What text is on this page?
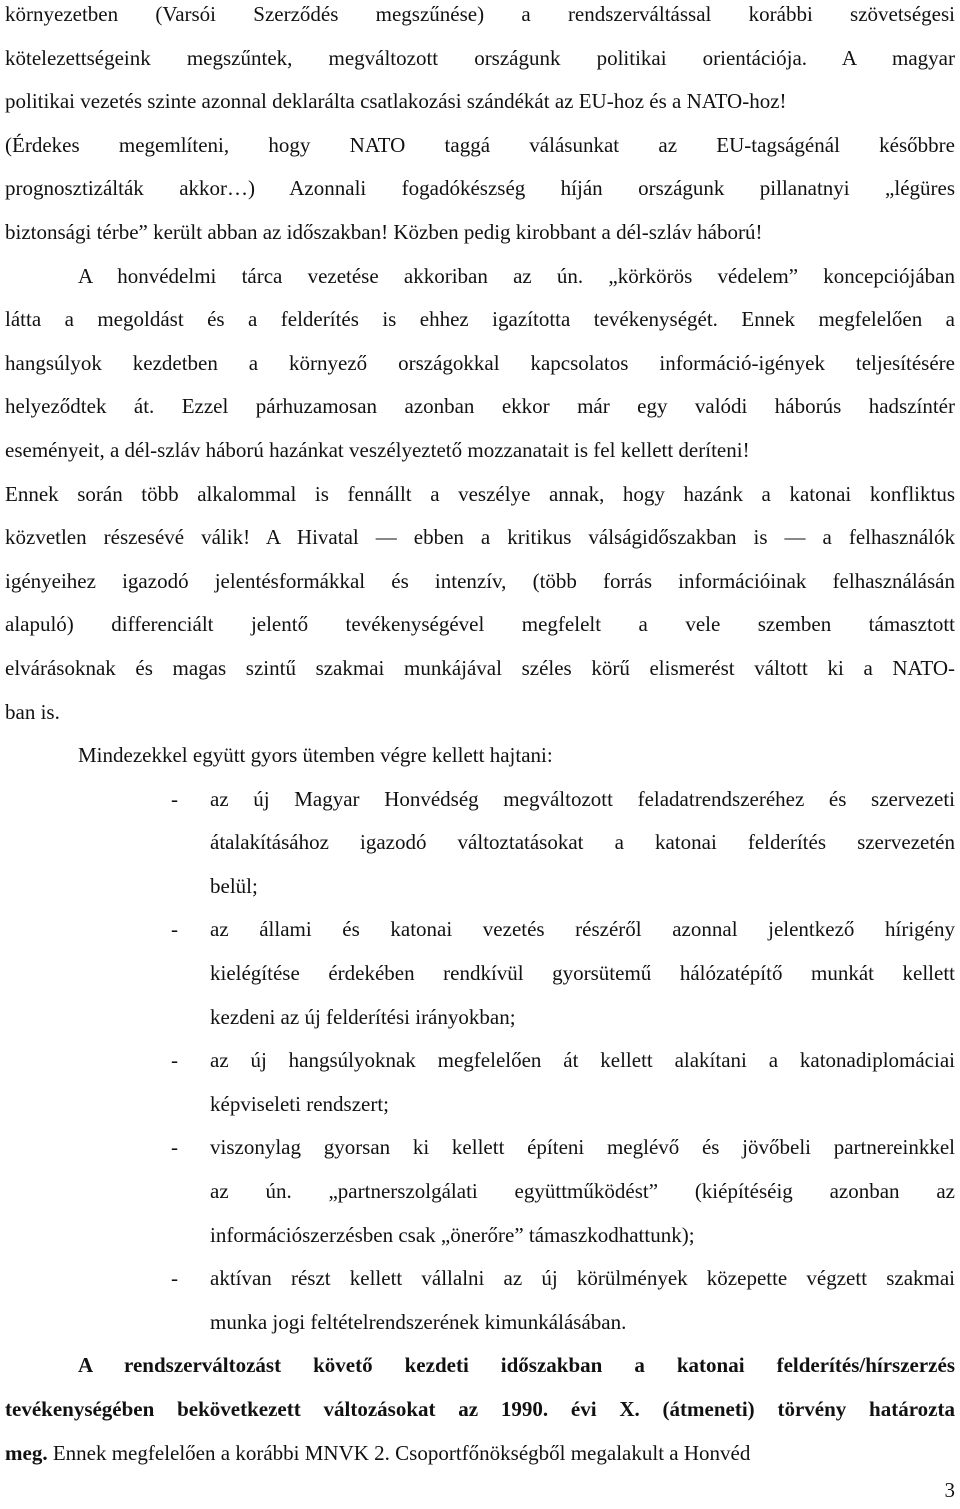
környezetben (Varsói Szerződés megszűnése) a rendszerváltással korábbi szövetségesi
kötelezettségeink megszűntek, megváltozott országunk politikai orientációja. A magyar
politikai vezetés szinte azonnal deklarálta csatlakozási szándékát az EU-hoz és a NATO-hoz!
(Érdekes megemlíteni, hogy NATO taggá válásunkat az EU-tagságénál későbbre
prognosztizálták akkor…) Azonnali fogadókészség híján országunk pillanatnyi „légüres
biztonsági térbe” került abban az időszakban! Közben pedig kirobbant a dél-szláv háború!
A honvédelmi tárca vezetése akkoriban az ún. „körkörös védelem” koncepciójában
látta a megoldást és a felderítés is ehhez igazította tevékenységét. Ennek megfelelően a
hangsúlyok kezdetben a környező országokkal kapcsolatos információ-igények teljesítésére
helyeződtek át. Ezzel párhuzamosan azonban ekkor már egy valódi háborús hadszíntér
eseményeit, a dél-szláv háború hazánkat veszélyeztető mozzanatait is fel kellett deríteni!
Ennek során több alkalommal is fennállt a veszélye annak, hogy hazánk a katonai konfliktus
közvetlen részesévé válik! A Hivatal ― ebben a kritikus válságidőszakban is ― a felhasználók
igényeihez igazodó jelentésformákkal és intenzív, (több forrás információinak felhasználásán
alapuló) differenciált jelentő tevékenységével megfelelt a vele szemben támasztott
elvárásoknak és magas szintű szakmai munkájával széles körű elismerést váltott ki a NATO-
ban is.
Mindezekkel együtt gyors ütemben végre kellett hajtani:
- az új Magyar Honvédség megváltozott feladatrendszeréhez és szervezeti
átalakításához igazodó változtatásokat a katonai felderítés szervezetén
belül;
- az állami és katonai vezetés részéről azonnal jelentkező hírigény
kielégítése érdekében rendkívül gyorsütemű hálózatépítő munkát kellett
kezdeni az új felderítési irányokban;
- az új hangsúlyoknak megfelelően át kellett alakítani a katonadiplomáciai
képviseleti rendszert;
- viszonylag gyorsan ki kellett építeni meglévő és jövőbeli partnereinkkel
az ún. „partnerszolgálati együttműködést” (kiépítéséig azonban az
információszerzésben csak „önerőre” támaszkodhattunk);
- aktívan részt kellett vállalni az új körülmények közepette végzett szakmai
munka jogi feltételrendszerének kimunkálásában.
A rendszerváltozást követő kezdeti időszakban a katonai felderítés/hírszerzés
tevékenységében bekövetkezett változásokat az 1990. évi X. (átmeneti) törvény határozta
meg. Ennek megfelelően a korábbi MNVK 2. Csoportfőnökségből megalakult a Honvéd
3
